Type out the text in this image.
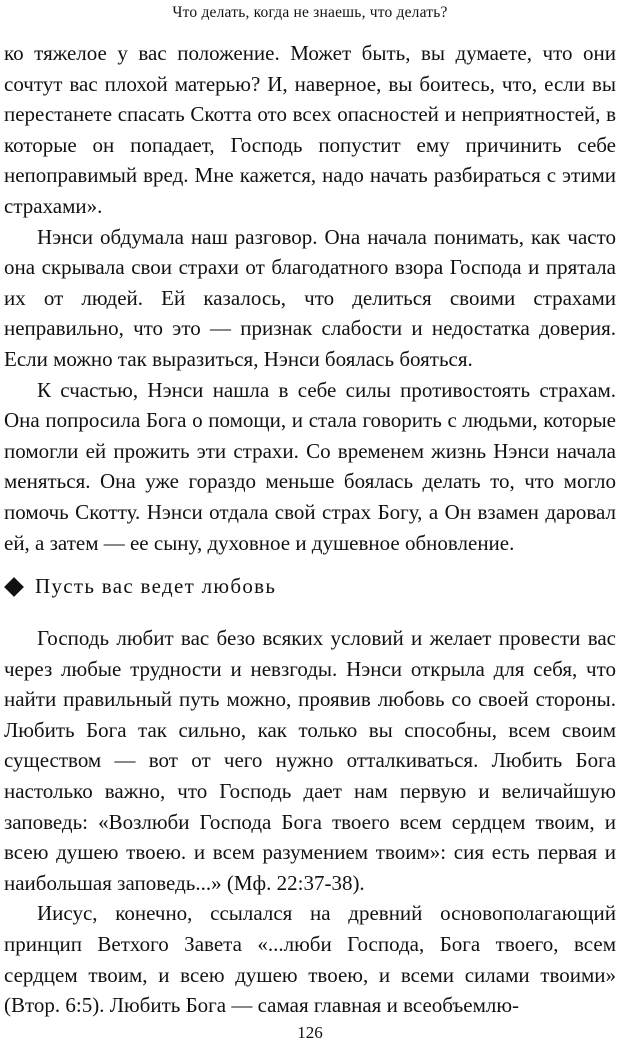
Что делать, когда не знаешь, что делать?

ко тяжелое у вас положение. Может быть, вы думаете, что они сочтут вас плохой матерью? И, наверное, вы боитесь, что, если вы перестанете спасать Скотта ото всех опасностей и неприятностей, в которые он попадает, Господь попустит ему причинить себе непоправимый вред. Мне кажется, надо начать разбираться с этими страхами».

Нэнси обдумала наш разговор. Она начала понимать, как часто она скрывала свои страхи от благодатного взора Господа и прятала их от людей. Ей казалось, что делиться своими страхами неправильно, что это — признак слабости и недостатка доверия. Если можно так выразиться, Нэнси боялась бояться.

К счастью, Нэнси нашла в себе силы противостоять страхам. Она попросила Бога о помощи, и стала говорить с людьми, которые помогли ей прожить эти страхи. Со временем жизнь Нэнси начала меняться. Она уже гораздо меньше боялась делать то, что могло помочь Скотту. Нэнси отдала свой страх Богу, а Он взамен даровал ей, а затем — ее сыну, духовное и душевное обновление.

Пусть вас ведет любовь

Господь любит вас безо всяких условий и желает провести вас через любые трудности и невзгоды. Нэнси открыла для себя, что найти правильный путь можно, проявив любовь со своей стороны. Любить Бога так сильно, как только вы способны, всем своим существом — вот от чего нужно отталкиваться. Любить Бога настолько важно, что Господь дает нам первую и величайшую заповедь: «Возлюби Господа Бога твоего всем сердцем твоим, и всею душею твоею. и всем разумением твоим»: сия есть первая и наибольшая заповедь...» (Мф. 22:37-38).

Иисус, конечно, ссылался на древний основополагающий принцип Ветхого Завета «...люби Господа, Бога твоего, всем сердцем твоим, и всею душею твоею, и всеми силами твоими» (Втор. 6:5). Любить Бога — самая главная и всеобъемлю-

126
